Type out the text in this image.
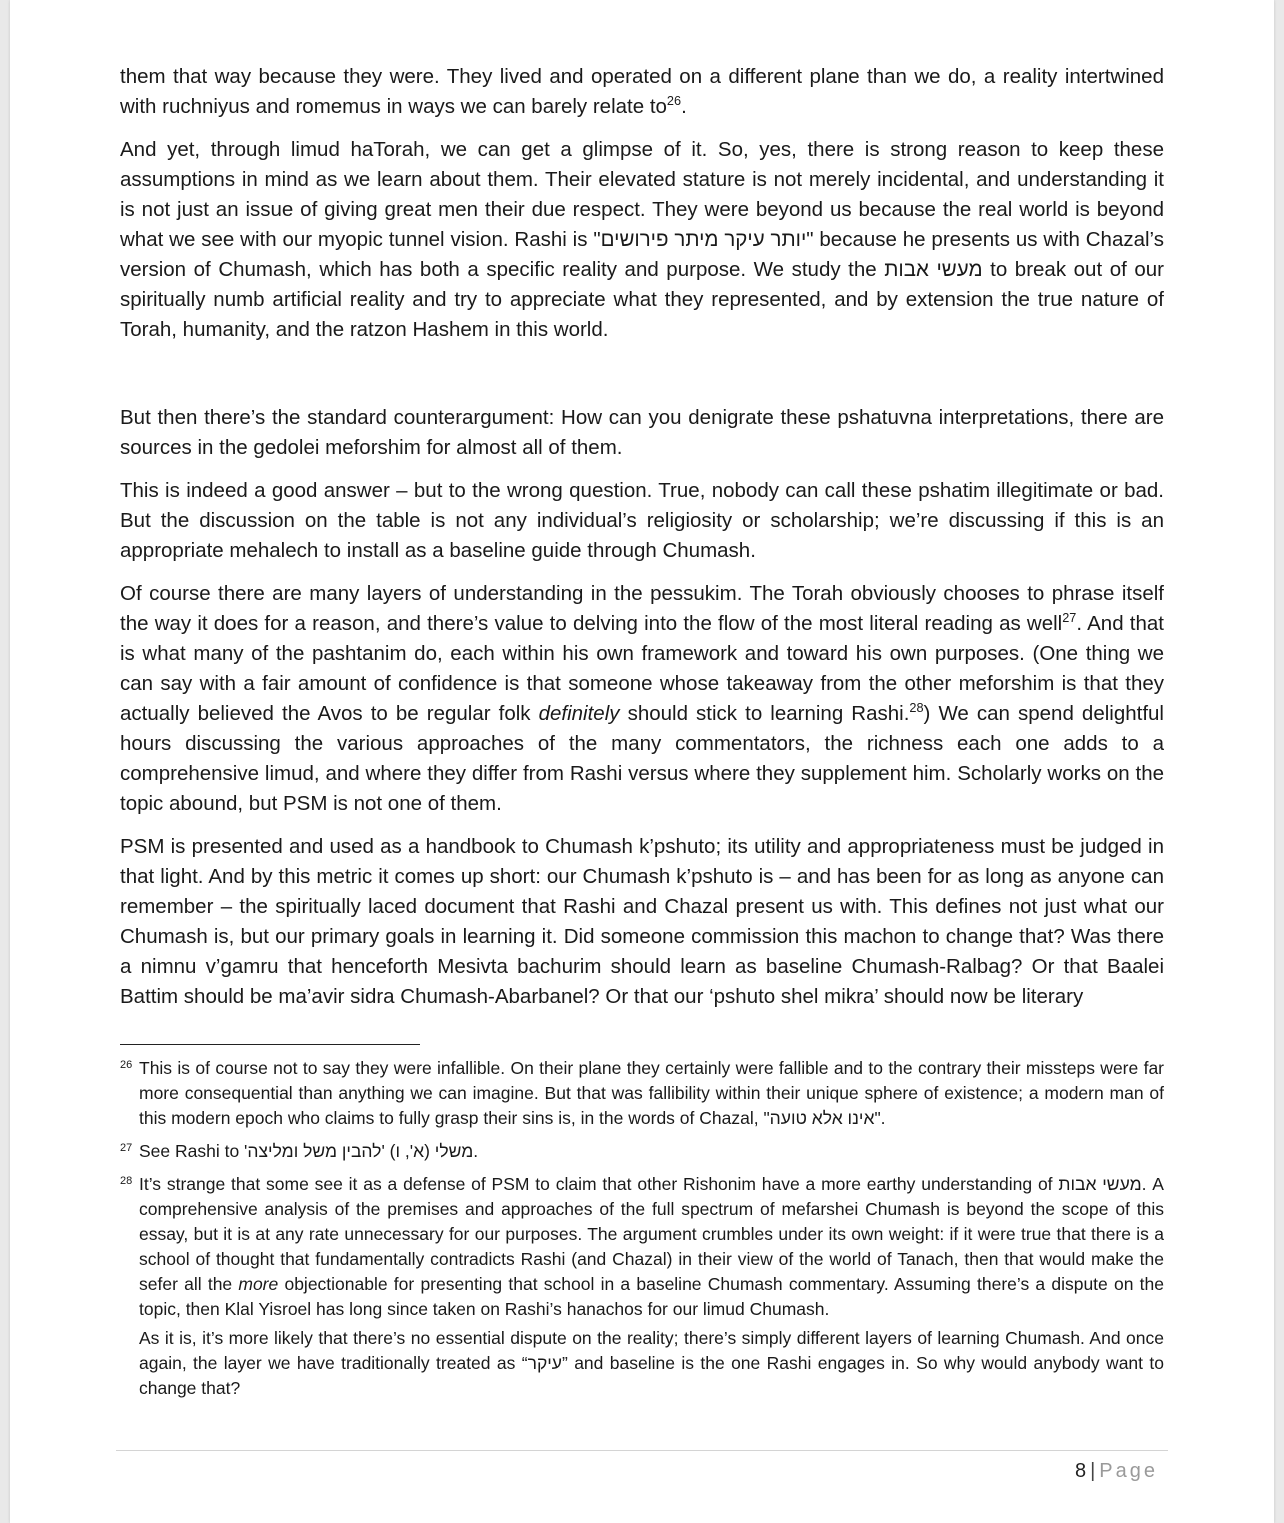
them that way because they were. They lived and operated on a different plane than we do, a reality intertwined with ruchniyus and romemus in ways we can barely relate $to^{26}$.

And yet, through limud haTorah, we can get a glimpse of it. So, yes, there is strong reason to keep these assumptions in mind as we learn about them. Their elevated stature is not merely incidental, and understanding it is not just an issue of giving great men their due respect. They were beyond us because the real world is beyond what we see with our myopic tunnel vision. Rashi is "יותר עיקר מיתר פירושים" because he presents us with Chazal’s version of Chumash, which has both a specific reality and purpose. We study the מעשי אבות to break out of our spiritually numb artificial reality and try to appreciate what they represented, and by extension the true nature of Torah, humanity, and the ratzon Hashem in this world.

But then there’s the standard counterargument: How can you denigrate these pshatuvna interpretations, there are sources in the gedolei meforshim for almost all of them.

This is indeed a good answer – but to the wrong question. True, nobody can call these pshatim illegitimate or bad. But the discussion on the table is not any individual’s religiosity or scholarship; we’re discussing if this is an appropriate mehalech to install as a baseline guide through Chumash.

Of course there are many layers of understanding in the pessukim. The Torah obviously chooses to phrase itself the way it does for a reason, and there’s value to delving into the flow of the most literal reading as well$^{27}$. And that is what many of the pashtanim do, each within his own framework and toward his own purposes. (One thing we can say with a fair amount of confidence is that someone whose takeaway from the other meforshim is that they actually believed the Avos to be regular folk definitely should stick to learning Rashi.$^{28}$) We can spend delightful hours discussing the various approaches of the many commentators, the richness each one adds to a comprehensive limud, and where they differ from Rashi versus where they supplement him. Scholarly works on the topic abound, but PSM is not one of them.

PSM is presented and used as a handbook to Chumash k’pshuto; its utility and appropriateness must be judged in that light. And by this metric it comes up short: our Chumash k’pshuto is – and has been for as long as anyone can remember – the spiritually laced document that Rashi and Chazal present us with. This defines not just what our Chumash is, but our primary goals in learning it. Did someone commission this machon to change that? Was there a nimnu v’gamru that henceforth Mesivta bachurim should learn as baseline Chumash-Ralbag? Or that Baalei Battim should be ma’avir sidra Chumash-Abarbanel? Or that our ‘pshuto shel mikra’ should now be literary

26 This is of course not to say they were infallible. On their plane they certainly were fallible and to the contrary their missteps were far more consequential than anything we can imagine. But that was fallibility within their unique sphere of existence; a modern man of this modern epoch who claims to fully grasp their sins is, in the words of Chazal, "אינו אלא טועה".

27 See Rashi to 'להבין משל ומליצה' (א', ו) משלי.

28 It’s strange that some see it as a defense of PSM to claim that other Rishonim have a more earthy understanding of מעשי אבות. A comprehensive analysis of the premises and approaches of the full spectrum of mefarshei Chumash is beyond the scope of this essay, but it is at any rate unnecessary for our purposes. The argument crumbles under its own weight: if it were true that there is a school of thought that fundamentally contradicts Rashi (and Chazal) in their view of the world of Tanach, then that would make the sefer all the more objectionable for presenting that school in a baseline Chumash commentary. Assuming there’s a dispute on the topic, then Klal Yisroel has long since taken on Rashi’s hanachos for our limud Chumash.

As it is, it’s more likely that there’s no essential dispute on the reality; there’s simply different layers of learning Chumash. And once again, the layer we have traditionally treated as “עיקר” and baseline is the one Rashi engages in. So why would anybody want to change that?

8 | Page
